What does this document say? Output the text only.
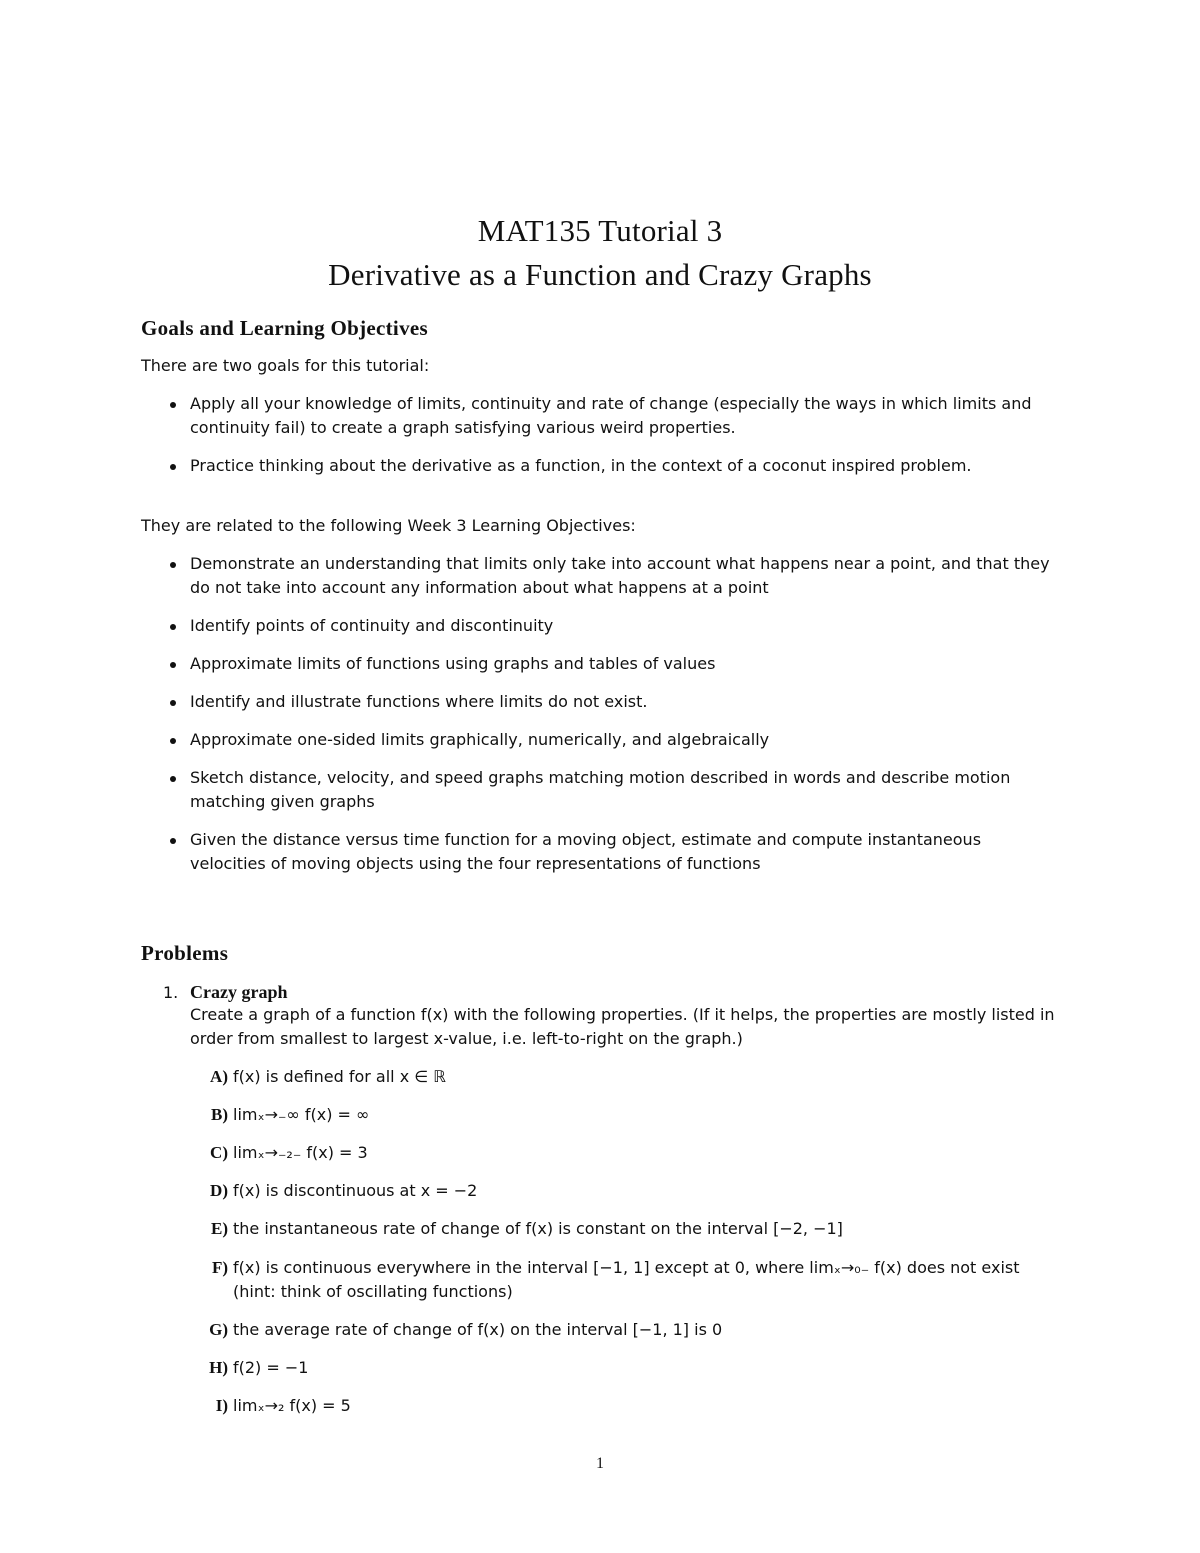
MAT135 Tutorial 3
Derivative as a Function and Crazy Graphs
Goals and Learning Objectives
There are two goals for this tutorial:
Apply all your knowledge of limits, continuity and rate of change (especially the ways in which limits and continuity fail) to create a graph satisfying various weird properties.
Practice thinking about the derivative as a function, in the context of a coconut inspired problem.
They are related to the following Week 3 Learning Objectives:
Demonstrate an understanding that limits only take into account what happens near a point, and that they do not take into account any information about what happens at a point
Identify points of continuity and discontinuity
Approximate limits of functions using graphs and tables of values
Identify and illustrate functions where limits do not exist.
Approximate one-sided limits graphically, numerically, and algebraically
Sketch distance, velocity, and speed graphs matching motion described in words and describe motion matching given graphs
Given the distance versus time function for a moving object, estimate and compute instantaneous velocities of moving objects using the four representations of functions
Problems
1. Crazy graph
Create a graph of a function f(x) with the following properties. (If it helps, the properties are mostly listed in order from smallest to largest x-value, i.e. left-to-right on the graph.)
A) f(x) is defined for all x ∈ ℝ
B) limₓ→₋∞ f(x) = ∞
C) limₓ→₋₂₋ f(x) = 3
D) f(x) is discontinuous at x = −2
E) the instantaneous rate of change of f(x) is constant on the interval [−2, −1]
F) f(x) is continuous everywhere in the interval [−1, 1] except at 0, where limₓ→₀₋ f(x) does not exist (hint: think of oscillating functions)
G) the average rate of change of f(x) on the interval [−1, 1] is 0
H) f(2) = −1
I) limₓ→₂ f(x) = 5
1
